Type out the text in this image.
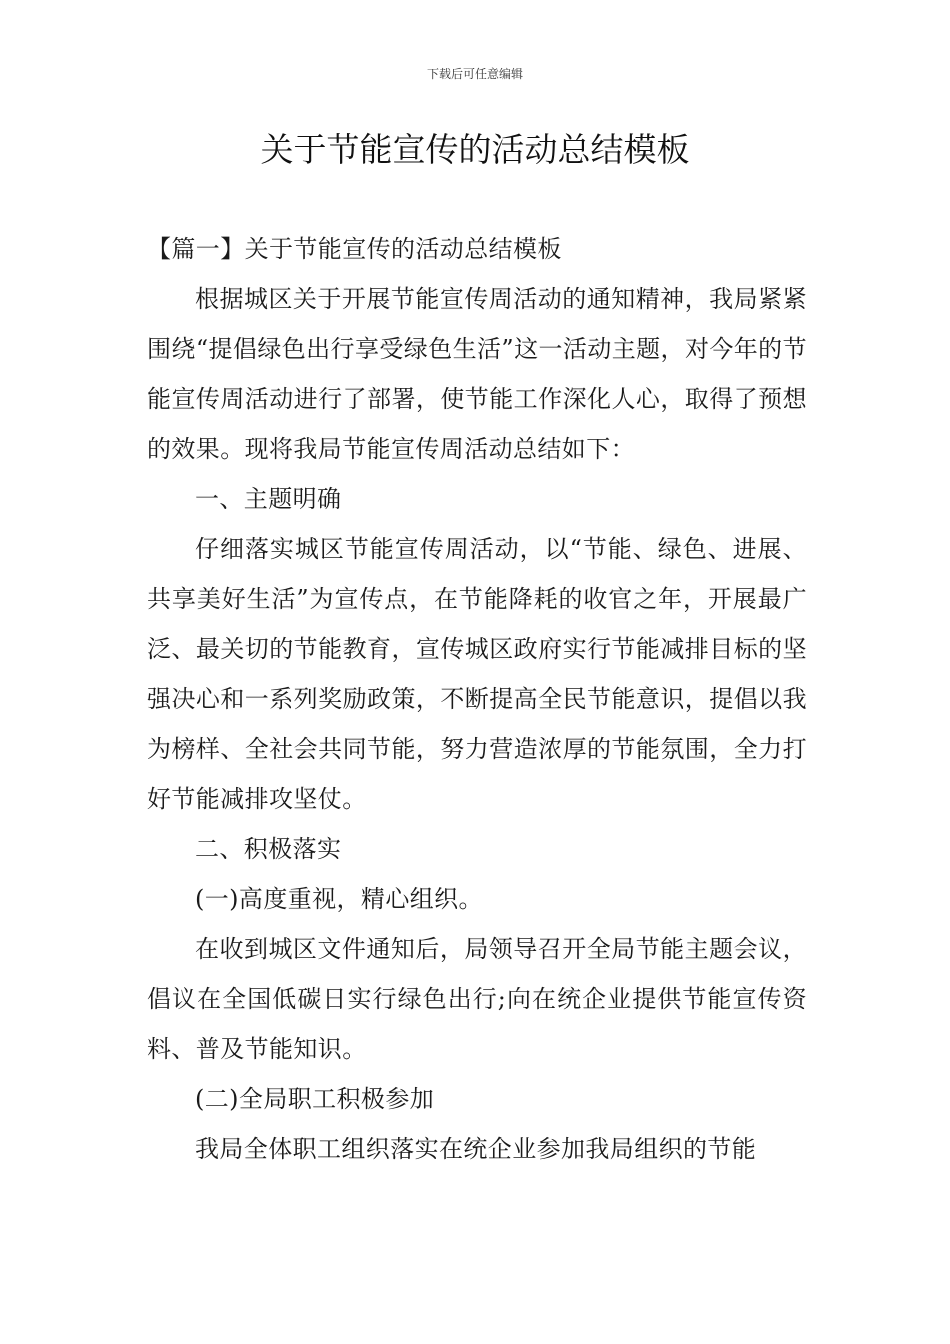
下载后可任意编辑
关于节能宣传的活动总结模板
【篇一】关于节能宣传的活动总结模板

根据城区关于开展节能宣传周活动的通知精神，我局紧紧围绕“提倡绿色出行享受绿色生活”这一活动主题，对今年的节能宣传周活动进行了部署，使节能工作深化人心，取得了预想的效果。现将我局节能宣传周活动总结如下：

一、主题明确

仔细落实城区节能宣传周活动，以“节能、绿色、进展、共享美好生活”为宣传点，在节能降耗的收官之年，开展最广泛、最关切的节能教育，宣传城区政府实行节能减排目标的坚强决心和一系列奖励政策，不断提高全民节能意识，提倡以我为榜样、全社会共同节能，努力营造浓厚的节能氛围，全力打好节能减排攻坚仗。

二、积极落实

(一)高度重视，精心组织。

在收到城区文件通知后，局领导召开全局节能主题会议，倡议在全国低碳日实行绿色出行;向在统企业提供节能宣传资料、普及节能知识。

(二)全局职工积极参加

我局全体职工组织落实在统企业参加我局组织的节能
